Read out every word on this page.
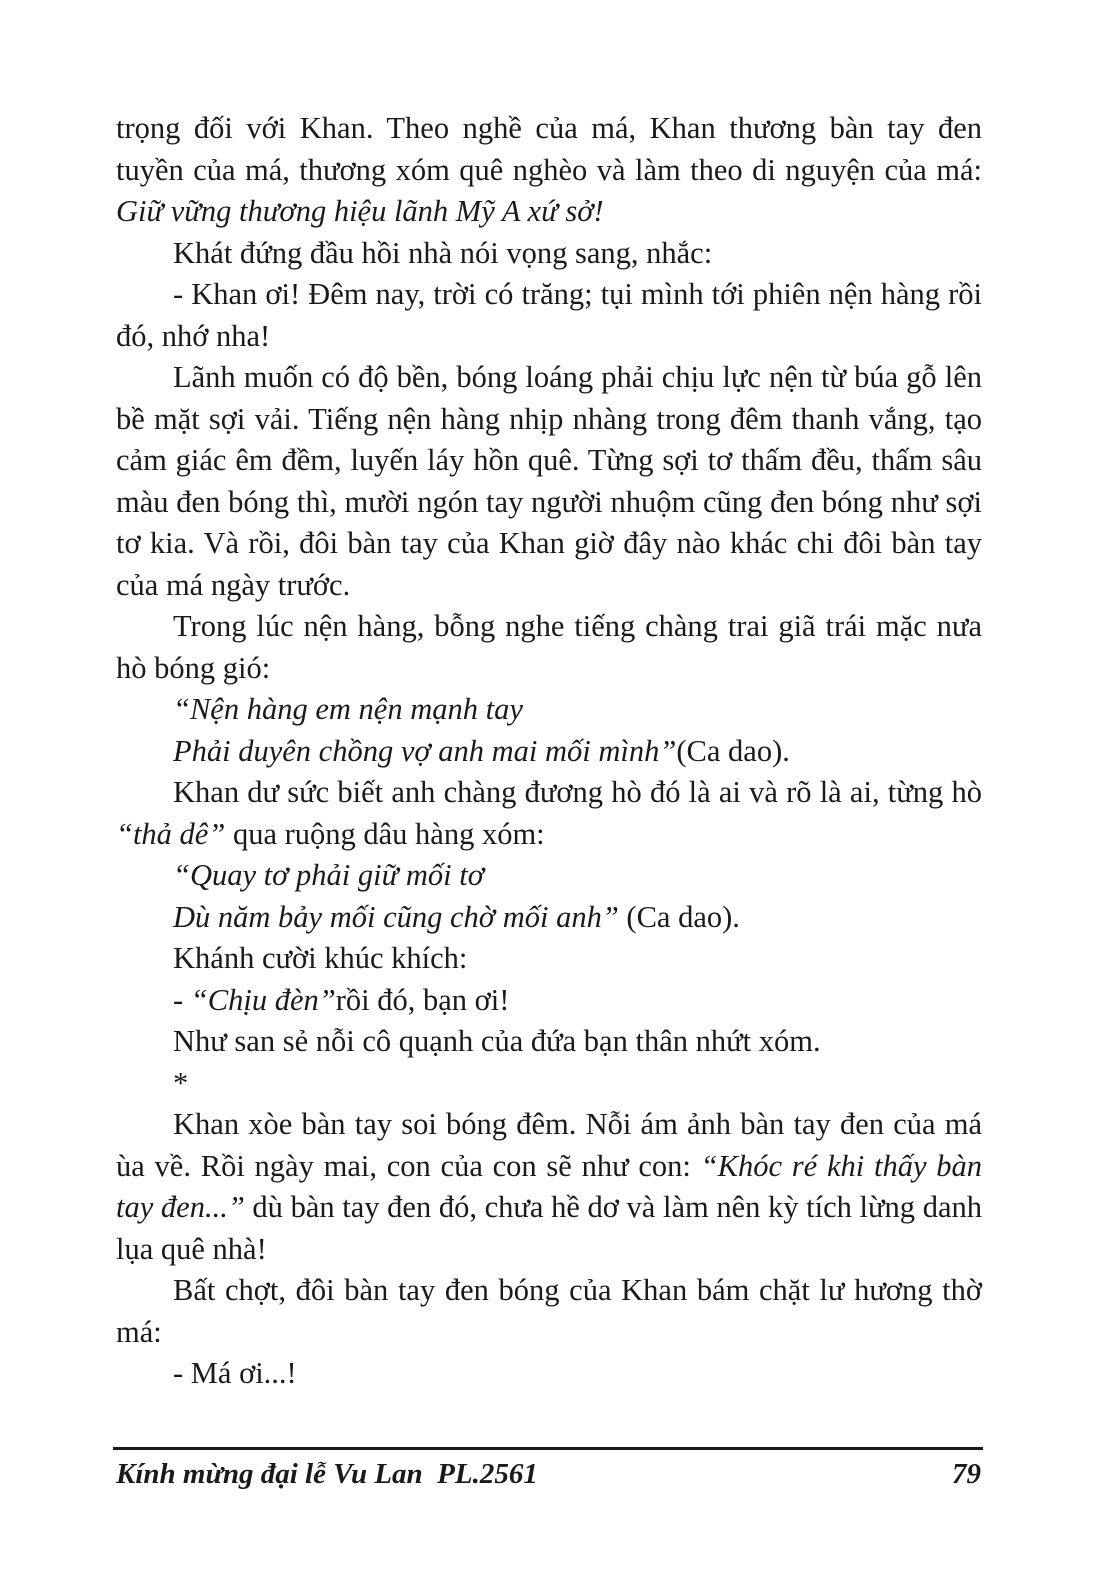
trọng đối với Khan. Theo nghề của má, Khan thương bàn tay đen tuyền của má, thương xóm quê nghèo và làm theo di nguyện của má: Giữ vững thương hiệu lãnh Mỹ A xứ sở!

Khát đứng đầu hồi nhà nói vọng sang, nhắc:

- Khan ơi! Đêm nay, trời có trăng; tụi mình tới phiên nện hàng rồi đó, nhớ nha!

Lãnh muốn có độ bền, bóng loáng phải chịu lực nện từ búa gỗ lên bề mặt sợi vải. Tiếng nện hàng nhịp nhàng trong đêm thanh vắng, tạo cảm giác êm đềm, luyến láy hồn quê. Từng sợi tơ thấm đều, thấm sâu màu đen bóng thì, mười ngón tay người nhuộm cũng đen bóng như sợi tơ kia. Và rồi, đôi bàn tay của Khan giờ đây nào khác chi đôi bàn tay của má ngày trước.

Trong lúc nện hàng, bỗng nghe tiếng chàng trai giã trái mặc nưa hò bóng gió:

“Nện hàng em nện mạnh tay

Phải duyên chồng vợ anh mai mối mình”(Ca dao).

Khan dư sức biết anh chàng đương hò đó là ai và rõ là ai, từng hò “thả dê” qua ruộng dâu hàng xóm:

“Quay tơ phải giữ mối tơ

Dù năm bảy mối cũng chờ mối anh” (Ca dao).

Khánh cười khúc khích:

- “Chịu đèn”rồi đó, bạn ơi!

Như san sẻ nỗi cô quạnh của đứa bạn thân nhứt xóm.

*

Khan xòe bàn tay soi bóng đêm. Nỗi ám ảnh bàn tay đen của má ùa về. Rồi ngày mai, con của con sẽ như con: “Khóc ré khi thấy bàn tay đen...” dù bàn tay đen đó, chưa hề dơ và làm nên kỳ tích lừng danh lụa quê nhà!

Bất chợt, đôi bàn tay đen bóng của Khan bám chặt lư hương thờ má:

- Má ơi...!

Kính mừng đại lễ Vu Lan  PL.2561	79
